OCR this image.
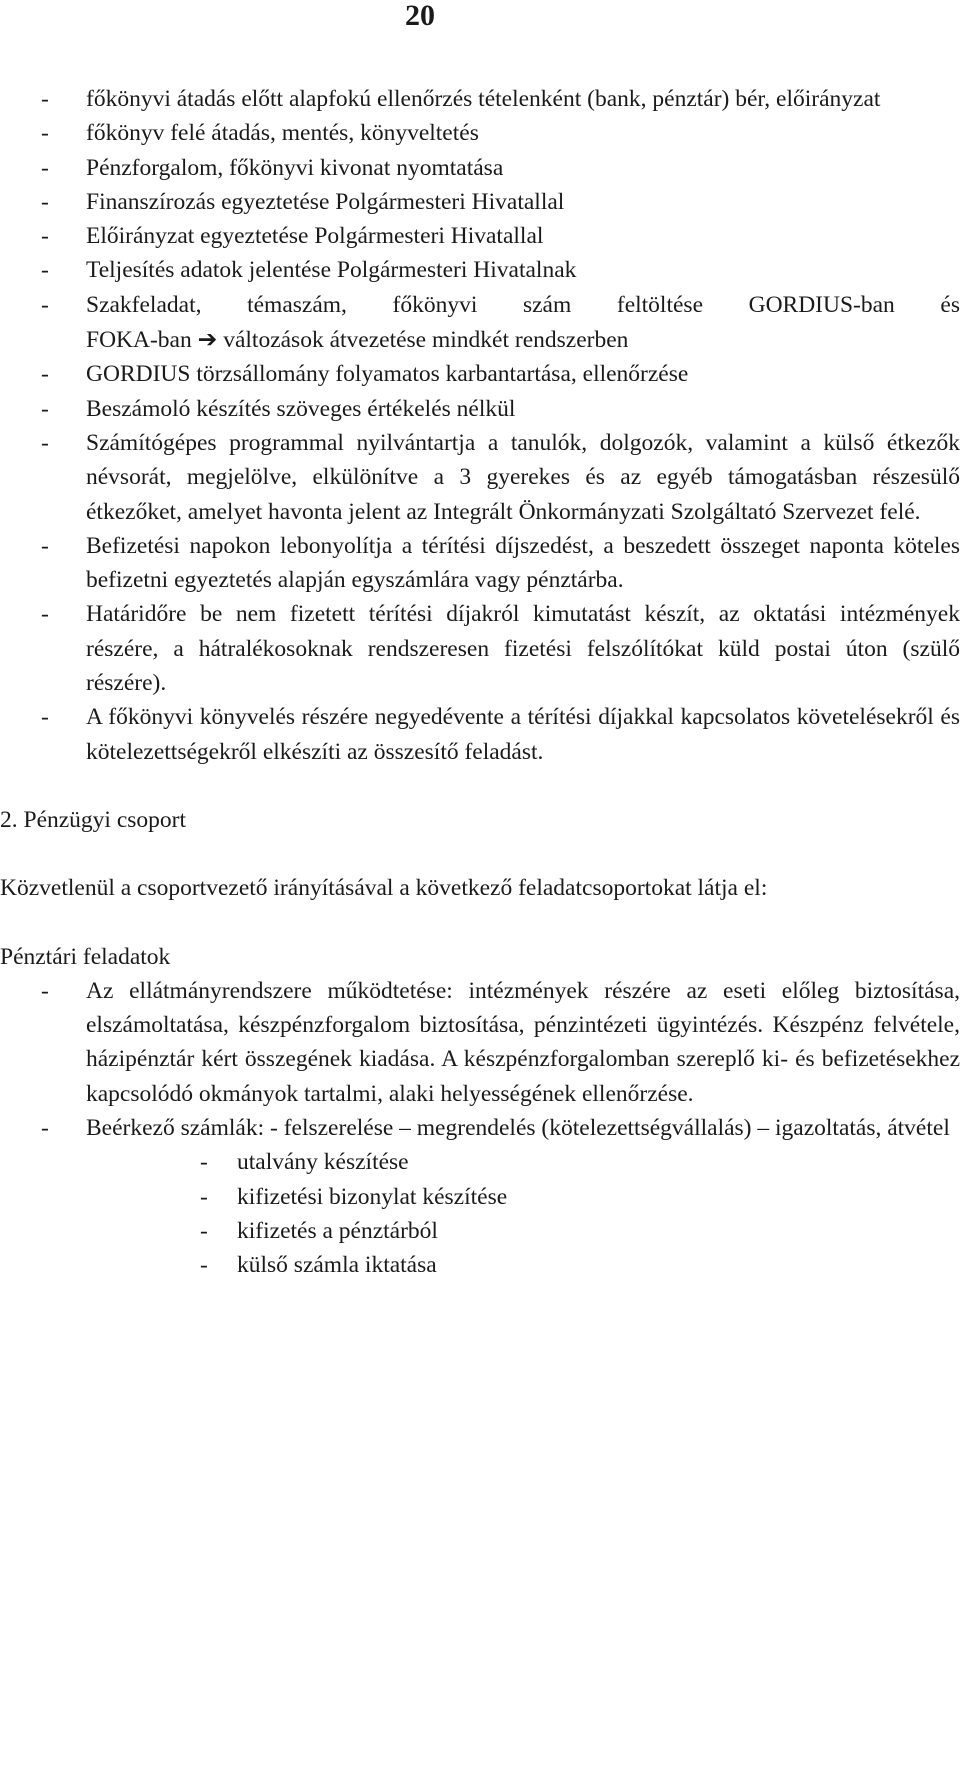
20
- főkönyvi átadás előtt alapfokú ellenőrzés tételenként (bank, pénztár) bér, előirányzat
- főkönyv felé átadás, mentés, könyveltetés
- Pénzforgalom, főkönyvi kivonat nyomtatása
- Finanszírozás egyeztetése Polgármesteri Hivatallal
- Előirányzat egyeztetése Polgármesteri Hivatallal
- Teljesítés adatok jelentése Polgármesteri Hivatalnak
- Szakfeladat, témaszám, főkönyvi szám feltöltése GORDIUS-ban és
FOKA-ban ➔ változások átvezetése mindkét rendszerben
- GORDIUS törzsállomány folyamatos karbantartása, ellenőrzése
- Beszámoló készítés szöveges értékelés nélkül
- Számítógépes programmal nyilvántartja a tanulók, dolgozók, valamint a külső étkezők névsorát, megjelölve, elkülönítve a 3 gyerekes és az egyéb támogatásban részesülő étkezőket, amelyet havonta jelent az Integrált Önkormányzati Szolgáltató Szervezet felé.
- Befizetési napokon lebonyolítja a térítési díjszedést, a beszedett összeget naponta köteles befizetni egyeztetés alapján egyszámlára vagy pénztárba.
- Határidőre be nem fizetett térítési díjakról kimutatást készít, az oktatási intézmények részére, a hátralékosoknak rendszeresen fizetési felszólítókat küld postai úton (szülő részére).
- A főkönyvi könyvelés részére negyedévente a térítési díjakkal kapcsolatos követelésekről és kötelezettségekről elkészíti az összesítő feladást.
2. Pénzügyi csoport
Közvetlenül a csoportvezető irányításával a következő feladatcsoportokat látja el:
Pénztári feladatok
- Az ellátmányrendszere működtetése: intézmények részére az eseti előleg biztosítása, elszámoltatása, készpénzforgalom biztosítása, pénzintézeti ügyintézés. Készpénz felvétele, házipénztár kért összegének kiadása. A készpénzforgalomban szereplő ki- és befizetésekhez kapcsolódó okmányok tartalmi, alaki helyességének ellenőrzése.
- Beérkező számlák: - felszerelése – megrendelés (kötelezettségvállalás) – igazoltatás, átvétel
- utalvány készítése
- kifizetési bizonylat készítése
- kifizetés a pénztárból
- külső számla iktatása
